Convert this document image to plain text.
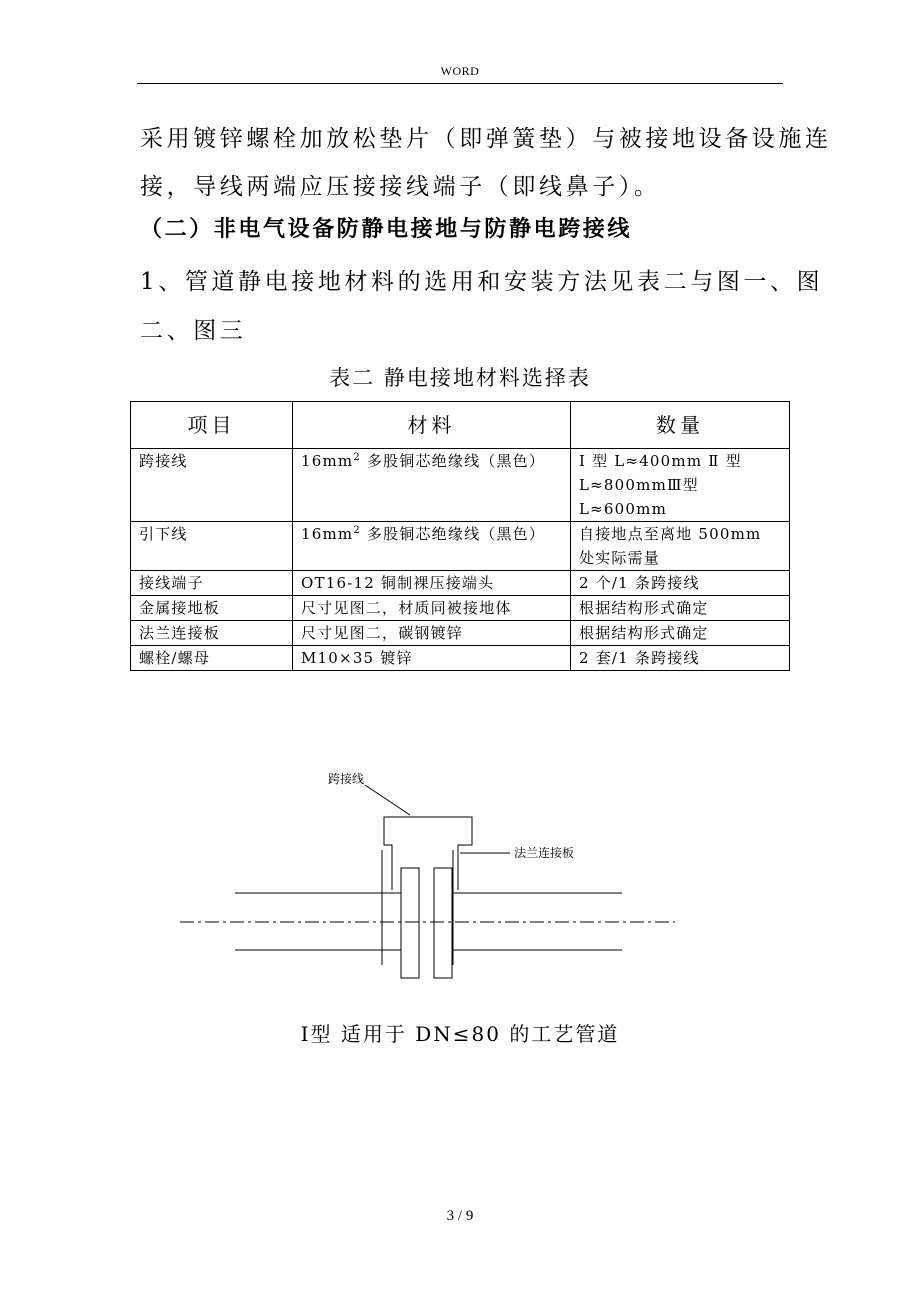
WORD
采用镀锌螺栓加放松垫片（即弹簧垫）与被接地设备设施连
接，导线两端应压接接线端子（即线鼻子）。
（二）非电气设备防静电接地与防静电跨接线
1、管道静电接地材料的选用和安装方法见表二与图一、图
二、图三
表二 静电接地材料选择表
项目	材料	数量
跨接线	$16mm^2$ 多股铜芯绝缘线（黑色）	Ⅰ 型 L≈400mm Ⅱ 型 L≈800mmⅢ型 L≈600mm
引下线	$16mm^2$ 多股铜芯绝缘线（黑色）	自接地点至离地 500mm 处实际需量
接线端子	OT16-12 铜制裸压接端头	2 个/1 条跨接线
金属接地板	尺寸见图二，材质同被接地体	根据结构形式确定
法兰连接板	尺寸见图二，碳钢镀锌	根据结构形式确定
螺栓/螺母	M10×35 镀锌	2 套/1 条跨接线
跨接线
法兰连接板
Ⅰ型 适用于 DN≤80 的工艺管道
3 / 9
